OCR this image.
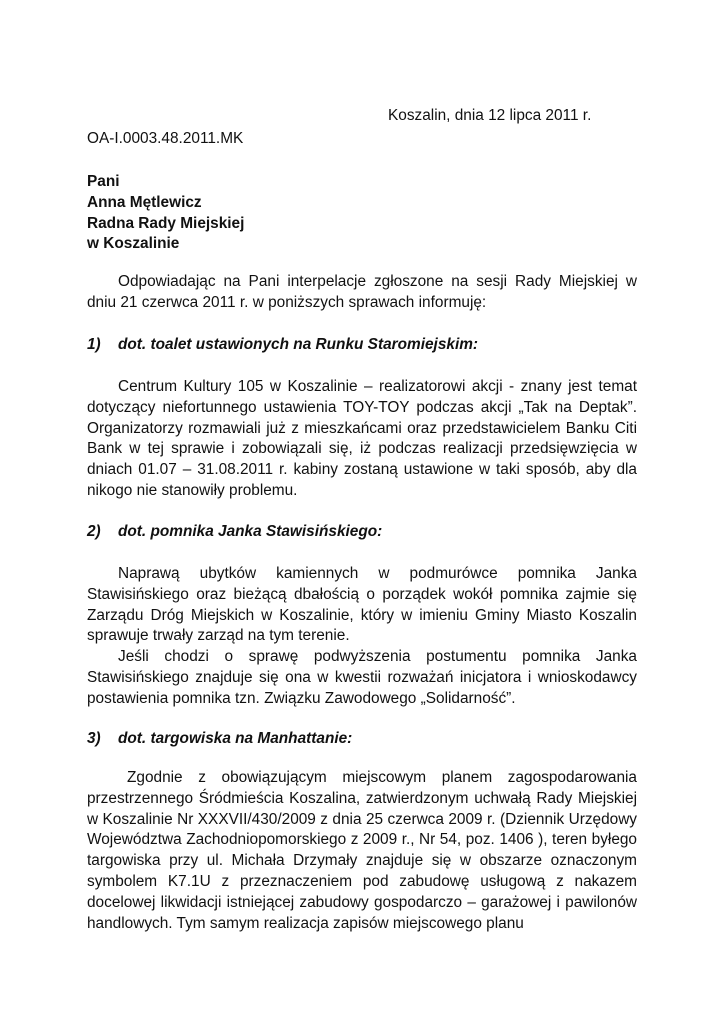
Koszalin, dnia 12 lipca 2011 r.
OA-I.0003.48.2011.MK
Pani
Anna Mętlewicz
Radna Rady Miejskiej
w Koszalinie

Odpowiadając na Pani interpelacje zgłoszone na sesji Rady Miejskiej w dniu 21 czerwca 2011 r. w poniższych sprawach informuję:

1) dot. toalet ustawionych na Runku Staromiejskim:

Centrum Kultury 105 w Koszalinie – realizatorowi akcji - znany jest temat dotyczący niefortunnego ustawienia TOY-TOY podczas akcji „Tak na Deptak”. Organizatorzy rozmawiali już z mieszkańcami oraz przedstawicielem Banku Citi Bank w tej sprawie i zobowiązali się, iż podczas realizacji przedsięwzięcia w dniach 01.07 – 31.08.2011 r. kabiny zostaną ustawione w taki sposób, aby dla nikogo nie stanowiły problemu.

2) dot. pomnika Janka Stawisińskiego:

Naprawą ubytków kamiennych w podmurówce pomnika Janka Stawisińskiego oraz bieżącą dbałością o porządek wokół pomnika zajmie się Zarządu Dróg Miejskich w Koszalinie, który w imieniu Gminy Miasto Koszalin sprawuje trwały zarząd na tym terenie.

Jeśli chodzi o sprawę podwyższenia postumentu pomnika Janka Stawisińskiego znajduje się ona w kwestii rozważań inicjatora i wnioskodawcy postawienia pomnika tzn. Związku Zawodowego „Solidarność”.

3) dot. targowiska na Manhattanie:

Zgodnie z obowiązującym miejscowym planem zagospodarowania przestrzennego Śródmieścia Koszalina, zatwierdzonym uchwałą Rady Miejskiej w Koszalinie Nr XXXVII/430/2009 z dnia 25 czerwca 2009 r. (Dziennik Urzędowy Województwa Zachodniopomorskiego z 2009 r., Nr 54, poz. 1406 ), teren byłego targowiska przy ul. Michała Drzymały znajduje się w obszarze oznaczonym symbolem K7.1U z przeznaczeniem pod zabudowę usługową z nakazem docelowej likwidacji istniejącej zabudowy gospodarczo – garażowej i pawilonów handlowych. Tym samym realizacja zapisów miejscowego planu
